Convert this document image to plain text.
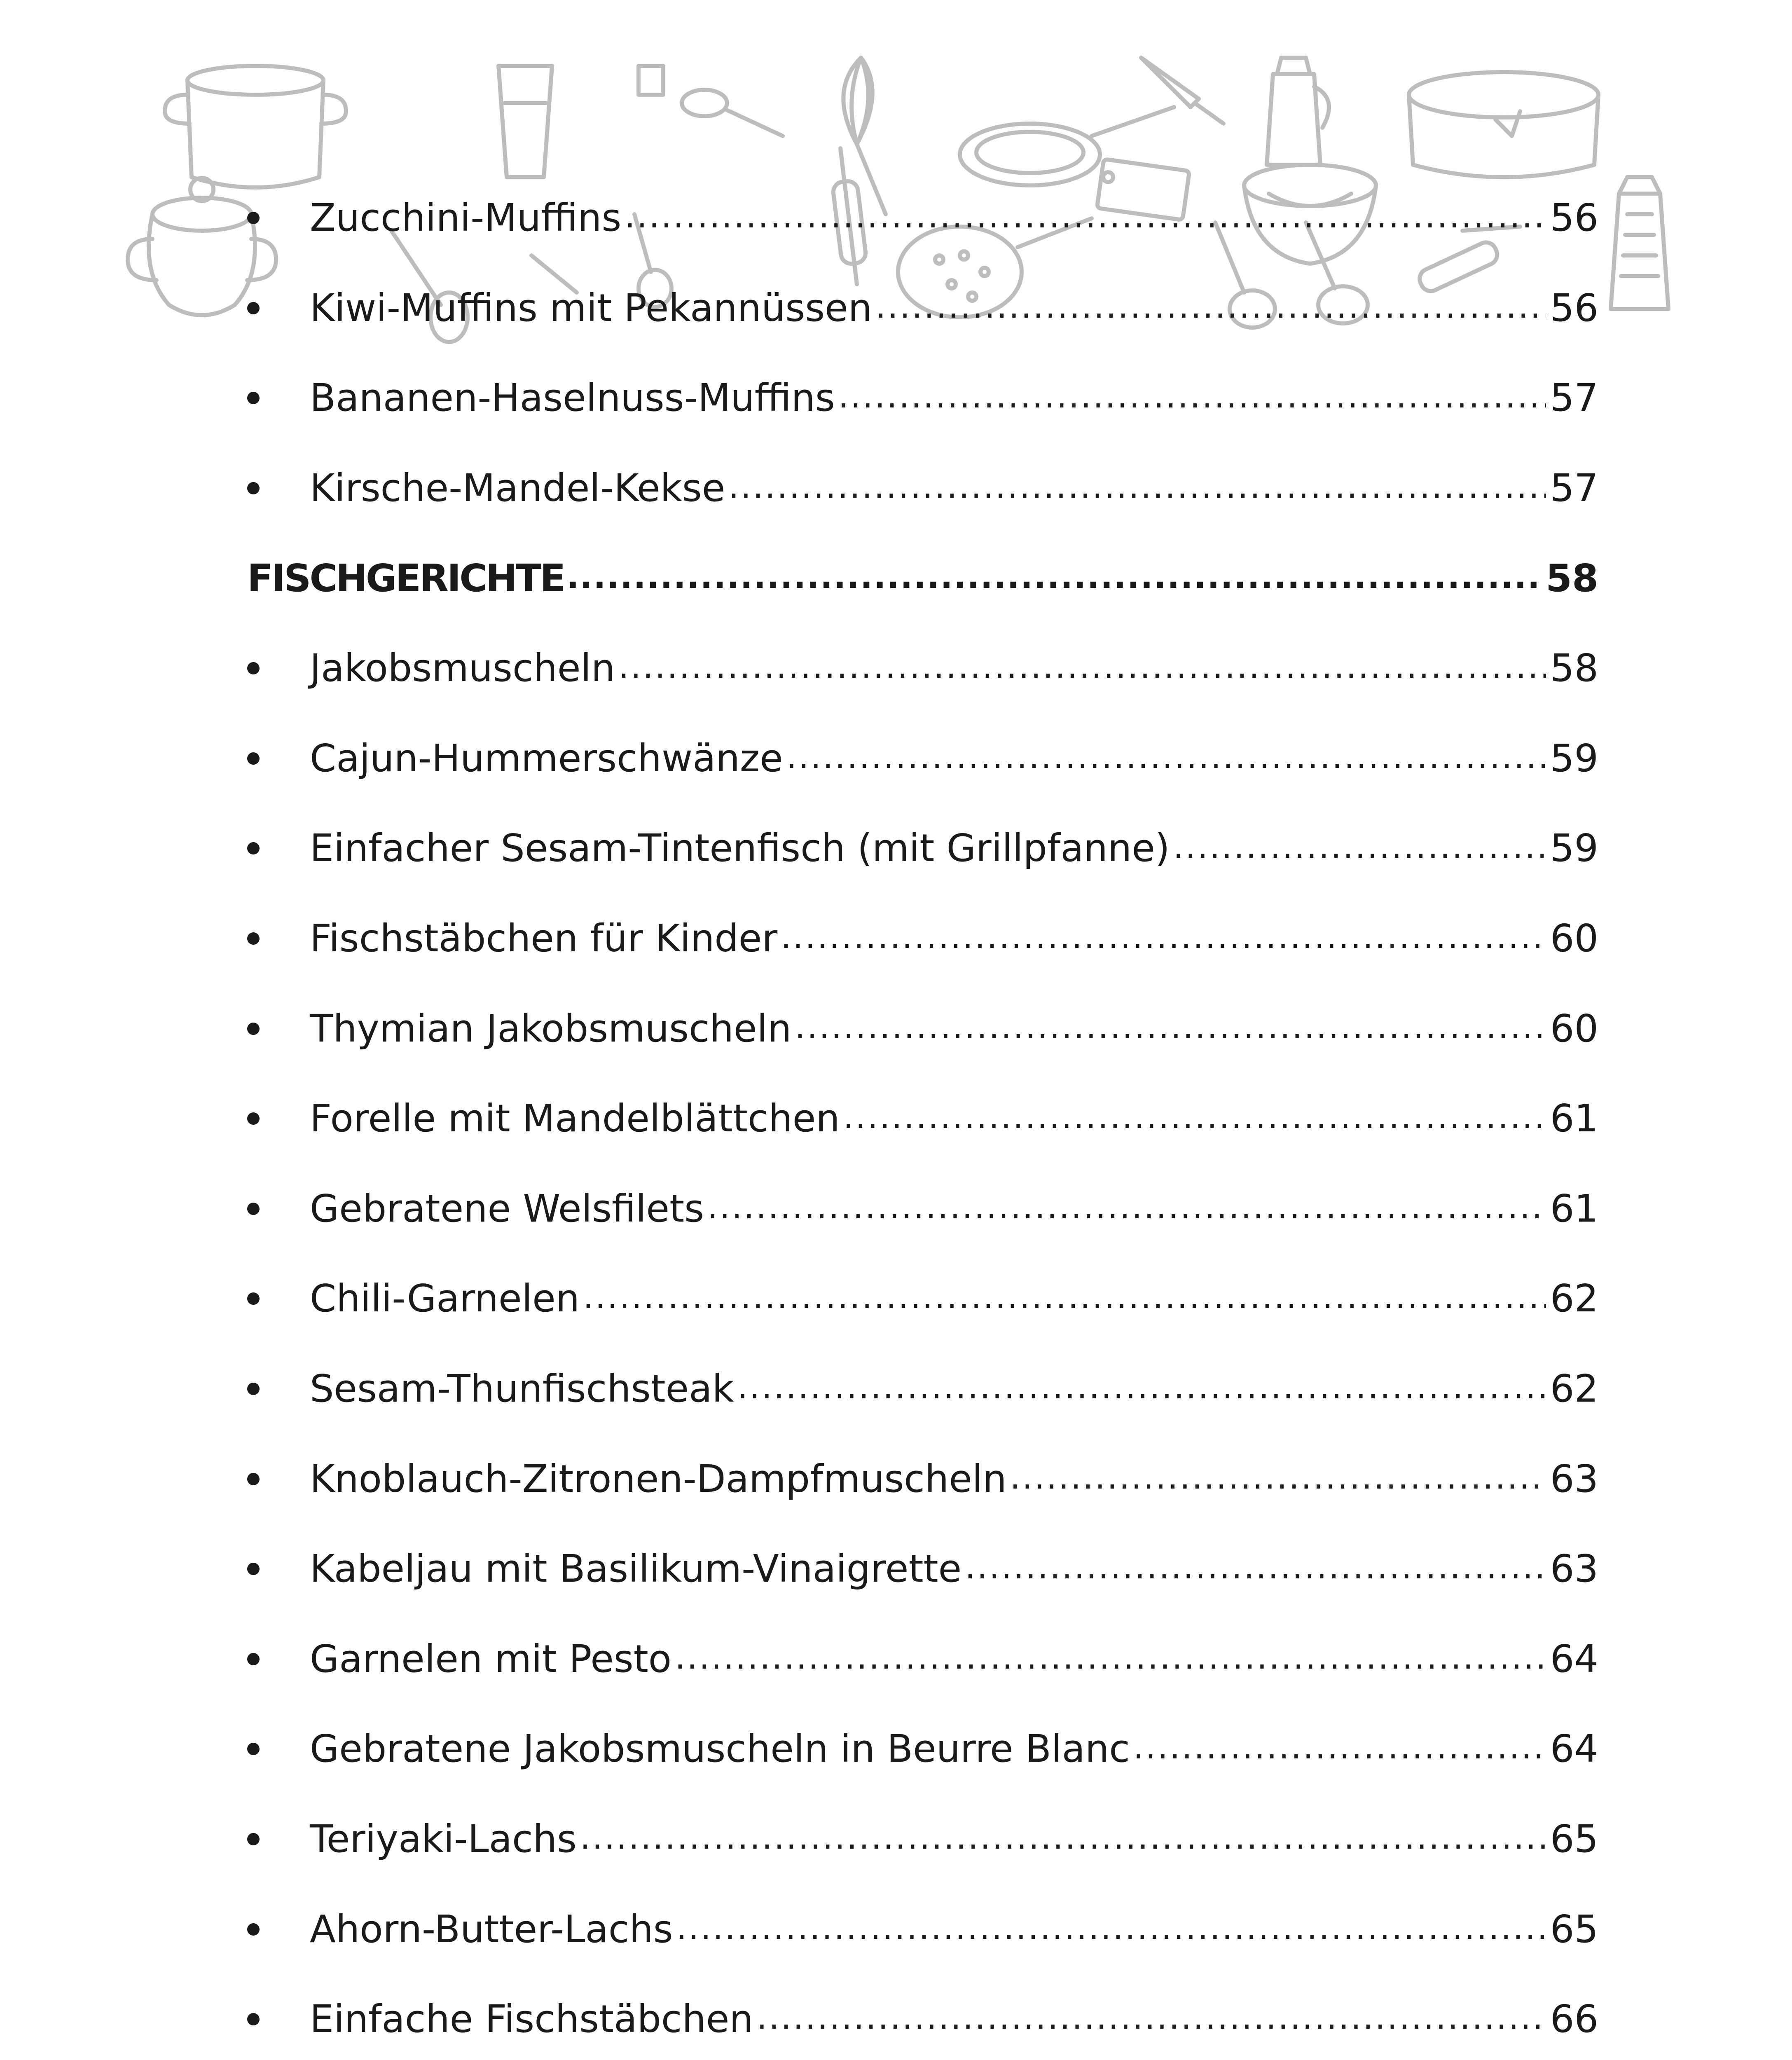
Zucchini-Muffins .....	56
Kiwi-Muffins mit Pekannüssen .....	56
Bananen-Haselnuss-Muffins .....	57
Kirsche-Mandel-Kekse .....	57
FISCHGERICHTE .....	58
Jakobsmuscheln .....	58
Cajun-Hummerschwänze .....	59
Einfacher Sesam-Tintenfisch (mit Grillpfanne) .....	59
Fischstäbchen für Kinder .....	60
Thymian Jakobsmuscheln .....	60
Forelle mit Mandelblättchen .....	61
Gebratene Welsfilets .....	61
Chili-Garnelen .....	62
Sesam-Thunfischsteak .....	62
Knoblauch-Zitronen-Dampfmuscheln .....	63
Kabeljau mit Basilikum-Vinaigrette .....	63
Garnelen mit Pesto .....	64
Gebratene Jakobsmuscheln in Beurre Blanc .....	64
Teriyaki-Lachs .....	65
Ahorn-Butter-Lachs .....	65
Einfache Fischstäbchen .....	66
